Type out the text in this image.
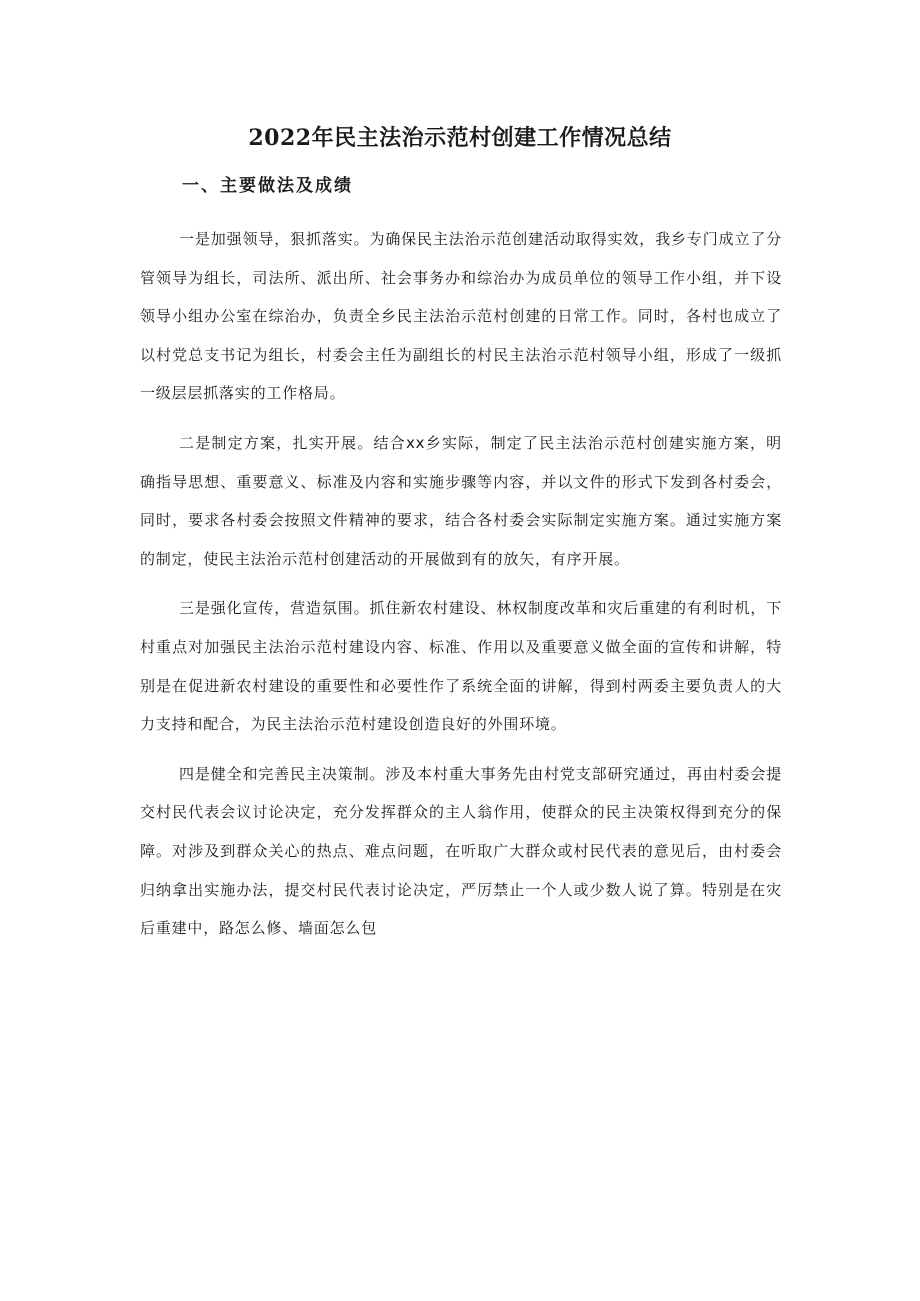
2022年民主法治示范村创建工作情况总结
一、主要做法及成绩

一是加强领导，狠抓落实。为确保民主法治示范创建活动取得实效，我乡专门成立了分管领导为组长，司法所、派出所、社会事务办和综治办为成员单位的领导工作小组，并下设领导小组办公室在综治办，负责全乡民主法治示范村创建的日常工作。同时，各村也成立了以村党总支书记为组长，村委会主任为副组长的村民主法治示范村领导小组，形成了一级抓一级层层抓落实的工作格局。

二是制定方案，扎实开展。结合xx乡实际，制定了民主法治示范村创建实施方案，明确指导思想、重要意义、标准及内容和实施步骤等内容，并以文件的形式下发到各村委会，同时，要求各村委会按照文件精神的要求，结合各村委会实际制定实施方案。通过实施方案的制定，使民主法治示范村创建活动的开展做到有的放矢，有序开展。

三是强化宣传，营造氛围。抓住新农村建设、林权制度改革和灾后重建的有利时机，下村重点对加强民主法治示范村建设内容、标准、作用以及重要意义做全面的宣传和讲解，特别是在促进新农村建设的重要性和必要性作了系统全面的讲解，得到村两委主要负责人的大力支持和配合，为民主法治示范村建设创造良好的外围环境。

四是健全和完善民主决策制。涉及本村重大事务先由村党支部研究通过，再由村委会提交村民代表会议讨论决定，充分发挥群众的主人翁作用，使群众的民主决策权得到充分的保障。对涉及到群众关心的热点、难点问题，在听取广大群众或村民代表的意见后，由村委会归纳拿出实施办法，提交村民代表讨论决定，严厉禁止一个人或少数人说了算。特别是在灾后重建中，路怎么修、墙面怎么包
